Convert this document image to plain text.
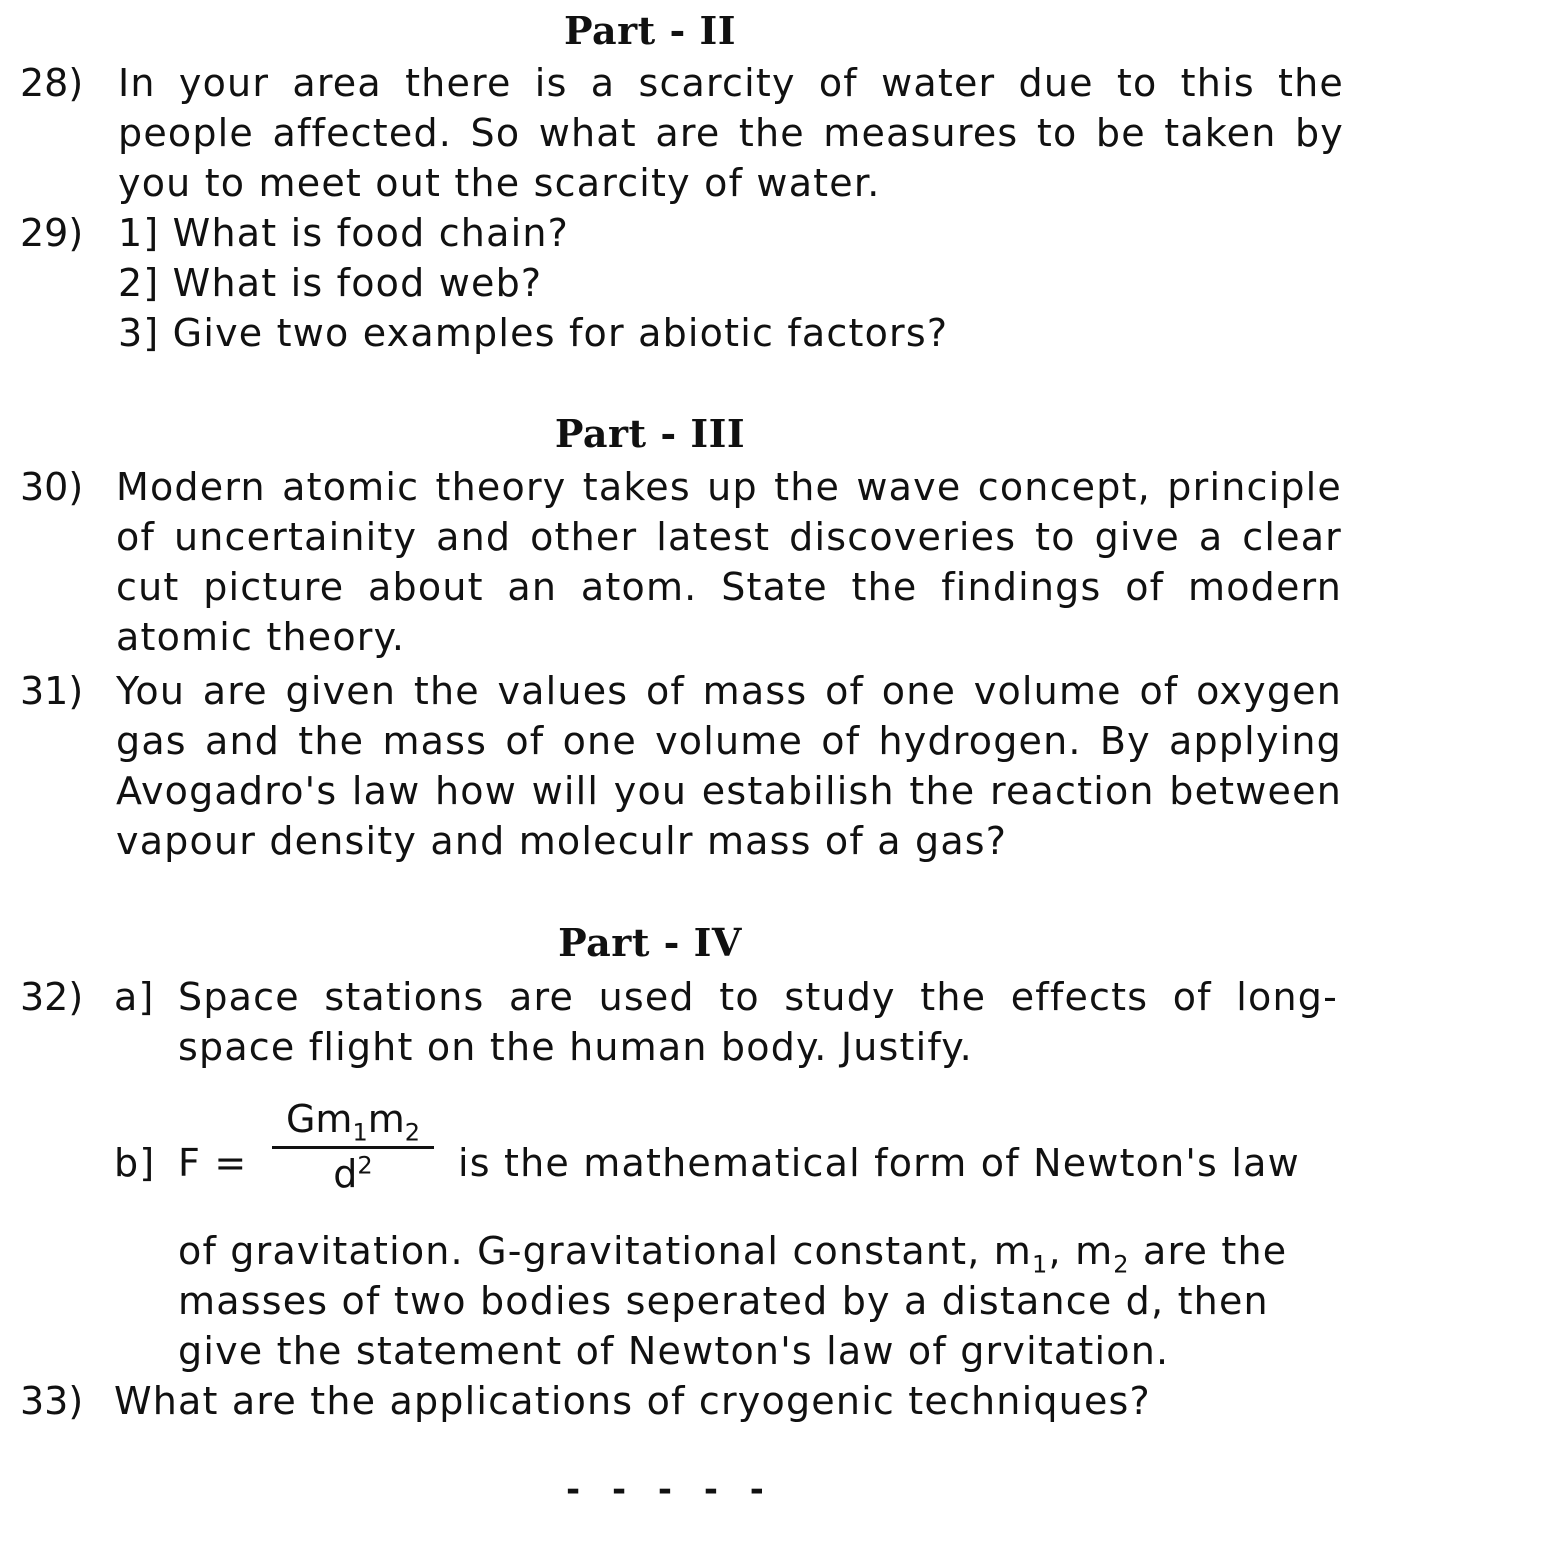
Part - II
28) In your area there is a scarcity of water due to this the people affected. So what are the measures to be taken by you to meet out the scarcity of water.
29) 1] What is food chain?
2] What is food web?
3] Give two examples for abiotic factors?
Part - III
30) Modern atomic theory takes up the wave concept, principle of uncertainity and other latest discoveries to give a clear cut picture about an atom. State the findings of modern atomic theory.
31) You are given the values of mass of one volume of oxygen gas and the mass of one volume of hydrogen. By applying Avogadro's law how will you estabilish the reaction between vapour density and moleculr mass of a gas?
Part - IV
32) a] Space stations are used to study the effects of long-space flight on the human body. Justify.
b] F =
$Gm_1m_2$
$d^2$	is the mathematical form of Newton's law
of gravitation. G-gravitational constant, $m_1$, $m_2$ are the
masses of two bodies seperated by a distance d, then
give the statement of Newton's law of grvitation.
33) What are the applications of cryogenic techniques?
- - - - -
